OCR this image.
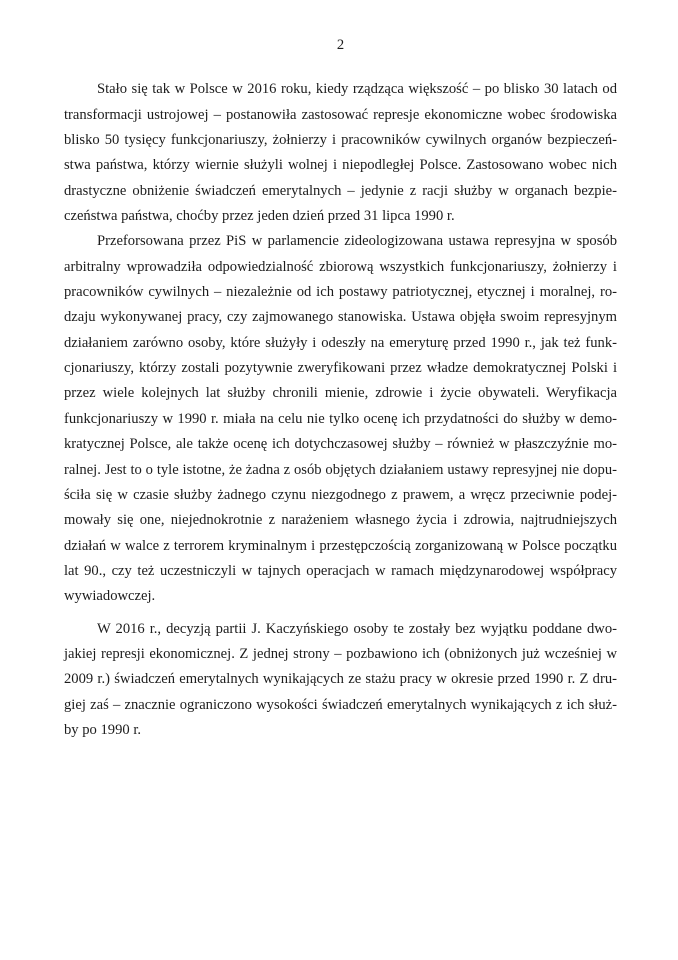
2
Stało się tak w Polsce w 2016 roku, kiedy rządząca większość – po blisko 30 latach od
transformacji ustrojowej – postanowiła zastosować represje ekonomiczne wobec środowiska
blisko 50 tysięcy funkcjonariuszy, żołnierzy i pracowników cywilnych organów bezpieczeń-
stwa państwa, którzy wiernie służyli wolnej i niepodległej Polsce. Zastosowano wobec nich
drastyczne obniżenie świadczeń emerytalnych – jedynie z racji służby w organach bezpie-
czeństwa państwa, choćby przez jeden dzień przed 31 lipca 1990 r.
Przeforsowana przez PiS w parlamencie zideologizowana ustawa represyjna w sposób
arbitralny wprowadziła odpowiedzialność zbiorową wszystkich funkcjonariuszy, żołnierzy i
pracowników cywilnych – niezależnie od ich postawy patriotycznej, etycznej i moralnej, ro-
dzaju wykonywanej pracy, czy zajmowanego stanowiska. Ustawa objęła swoim represyjnym
działaniem zarówno osoby, które służyły i odeszły na emeryturę przed 1990 r., jak też funk-
cjonariuszy, którzy zostali pozytywnie zweryfikowani przez władze demokratycznej Polski i
przez wiele kolejnych lat służby chronili mienie, zdrowie i życie obywateli. Weryfikacja
funkcjonariuszy w 1990 r. miała na celu nie tylko ocenę ich przydatności do służby w demo-
kratycznej Polsce, ale także ocenę ich dotychczasowej służby – również w płaszczyźnie mo-
ralnej. Jest to o tyle istotne, że żadna z osób objętych działaniem ustawy represyjnej nie dopu-
ściła się w czasie służby żadnego czynu niezgodnego z prawem, a wręcz przeciwnie podej-
mowały się one, niejednokrotnie z narażeniem własnego życia i zdrowia, najtrudniejszych
działań w walce z terrorem kryminalnym i przestępczością zorganizowaną w Polsce początku
lat 90., czy też uczestniczyli w tajnych operacjach w ramach międzynarodowej współpracy
wywiadowczej.
W 2016 r., decyzją partii J. Kaczyńskiego osoby te zostały bez wyjątku poddane dwo-
jakiej represji ekonomicznej. Z jednej strony – pozbawiono ich (obniżonych już wcześniej w
2009 r.) świadczeń emerytalnych wynikających ze stażu pracy w okresie przed 1990 r. Z dru-
giej zaś – znacznie ograniczono wysokości świadczeń emerytalnych wynikających z ich służ-
by po 1990 r.
